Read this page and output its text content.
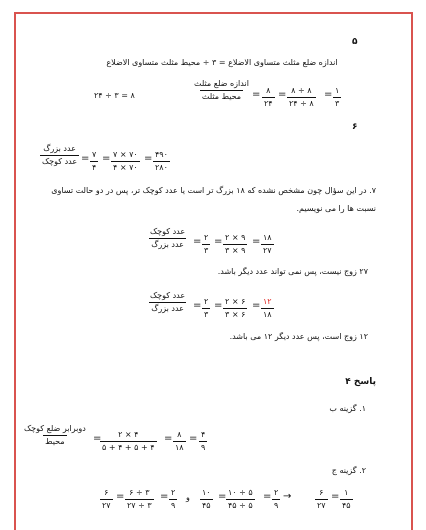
۵
اندازه ضلع مثلث متساوی الاضلاع = ۳ ÷ محیط مثلث متساوی الاضلاع
اندازه ضلع مثلث
محیط مثلث = ۸
۲۴
= ۸ ÷ ۸
۲۴ ÷ ۸
= ۱
۳
۲۴ ÷ ۳ = ۸
۶
عدد بزرگ
عدد کوچک = ۷
۴
= ۷ × ۷۰
۴ × ۷۰
= ۴۹۰
۲۸۰
۷. در این سؤال چون مشخص نشده که ۱۸ بزرگ تر است یا عدد کوچک تر، پس در دو حالت تساوی
نسبت ها را می نویسیم.
عدد کوچک
عدد بزرگ = ۲
۳
= ۲ × ۹
۳ × ۹
= ۱۸
۲۷
۲۷ زوج نیست، پس نمی تواند عدد دیگر باشد.
عدد کوچک
عدد بزرگ = ۲
۳
= ۲ × ۶
۳ × ۶
= ۱۲
۱۸
۱۲ زوج است، پس عدد دیگر ۱۲ می باشد.
پاسخ ۴
۱. گزینه ب
دوبرابر ضلع کوچک
محیط	= ۲ × ۴
۵ + ۴ + ۵ + ۴
= ۸
۱۸
= ۴
۹
۲. گزینه ج
۶
۲۷
= ۶ ÷ ۳
۲۷ ÷ ۳
= ۲
۹
و
۱۰
۴۵
= ۱۰ ÷ ۵
۴۵ ÷ ۵
= ۲
۹
→	۶
۲۷
= ۱
۴۵
